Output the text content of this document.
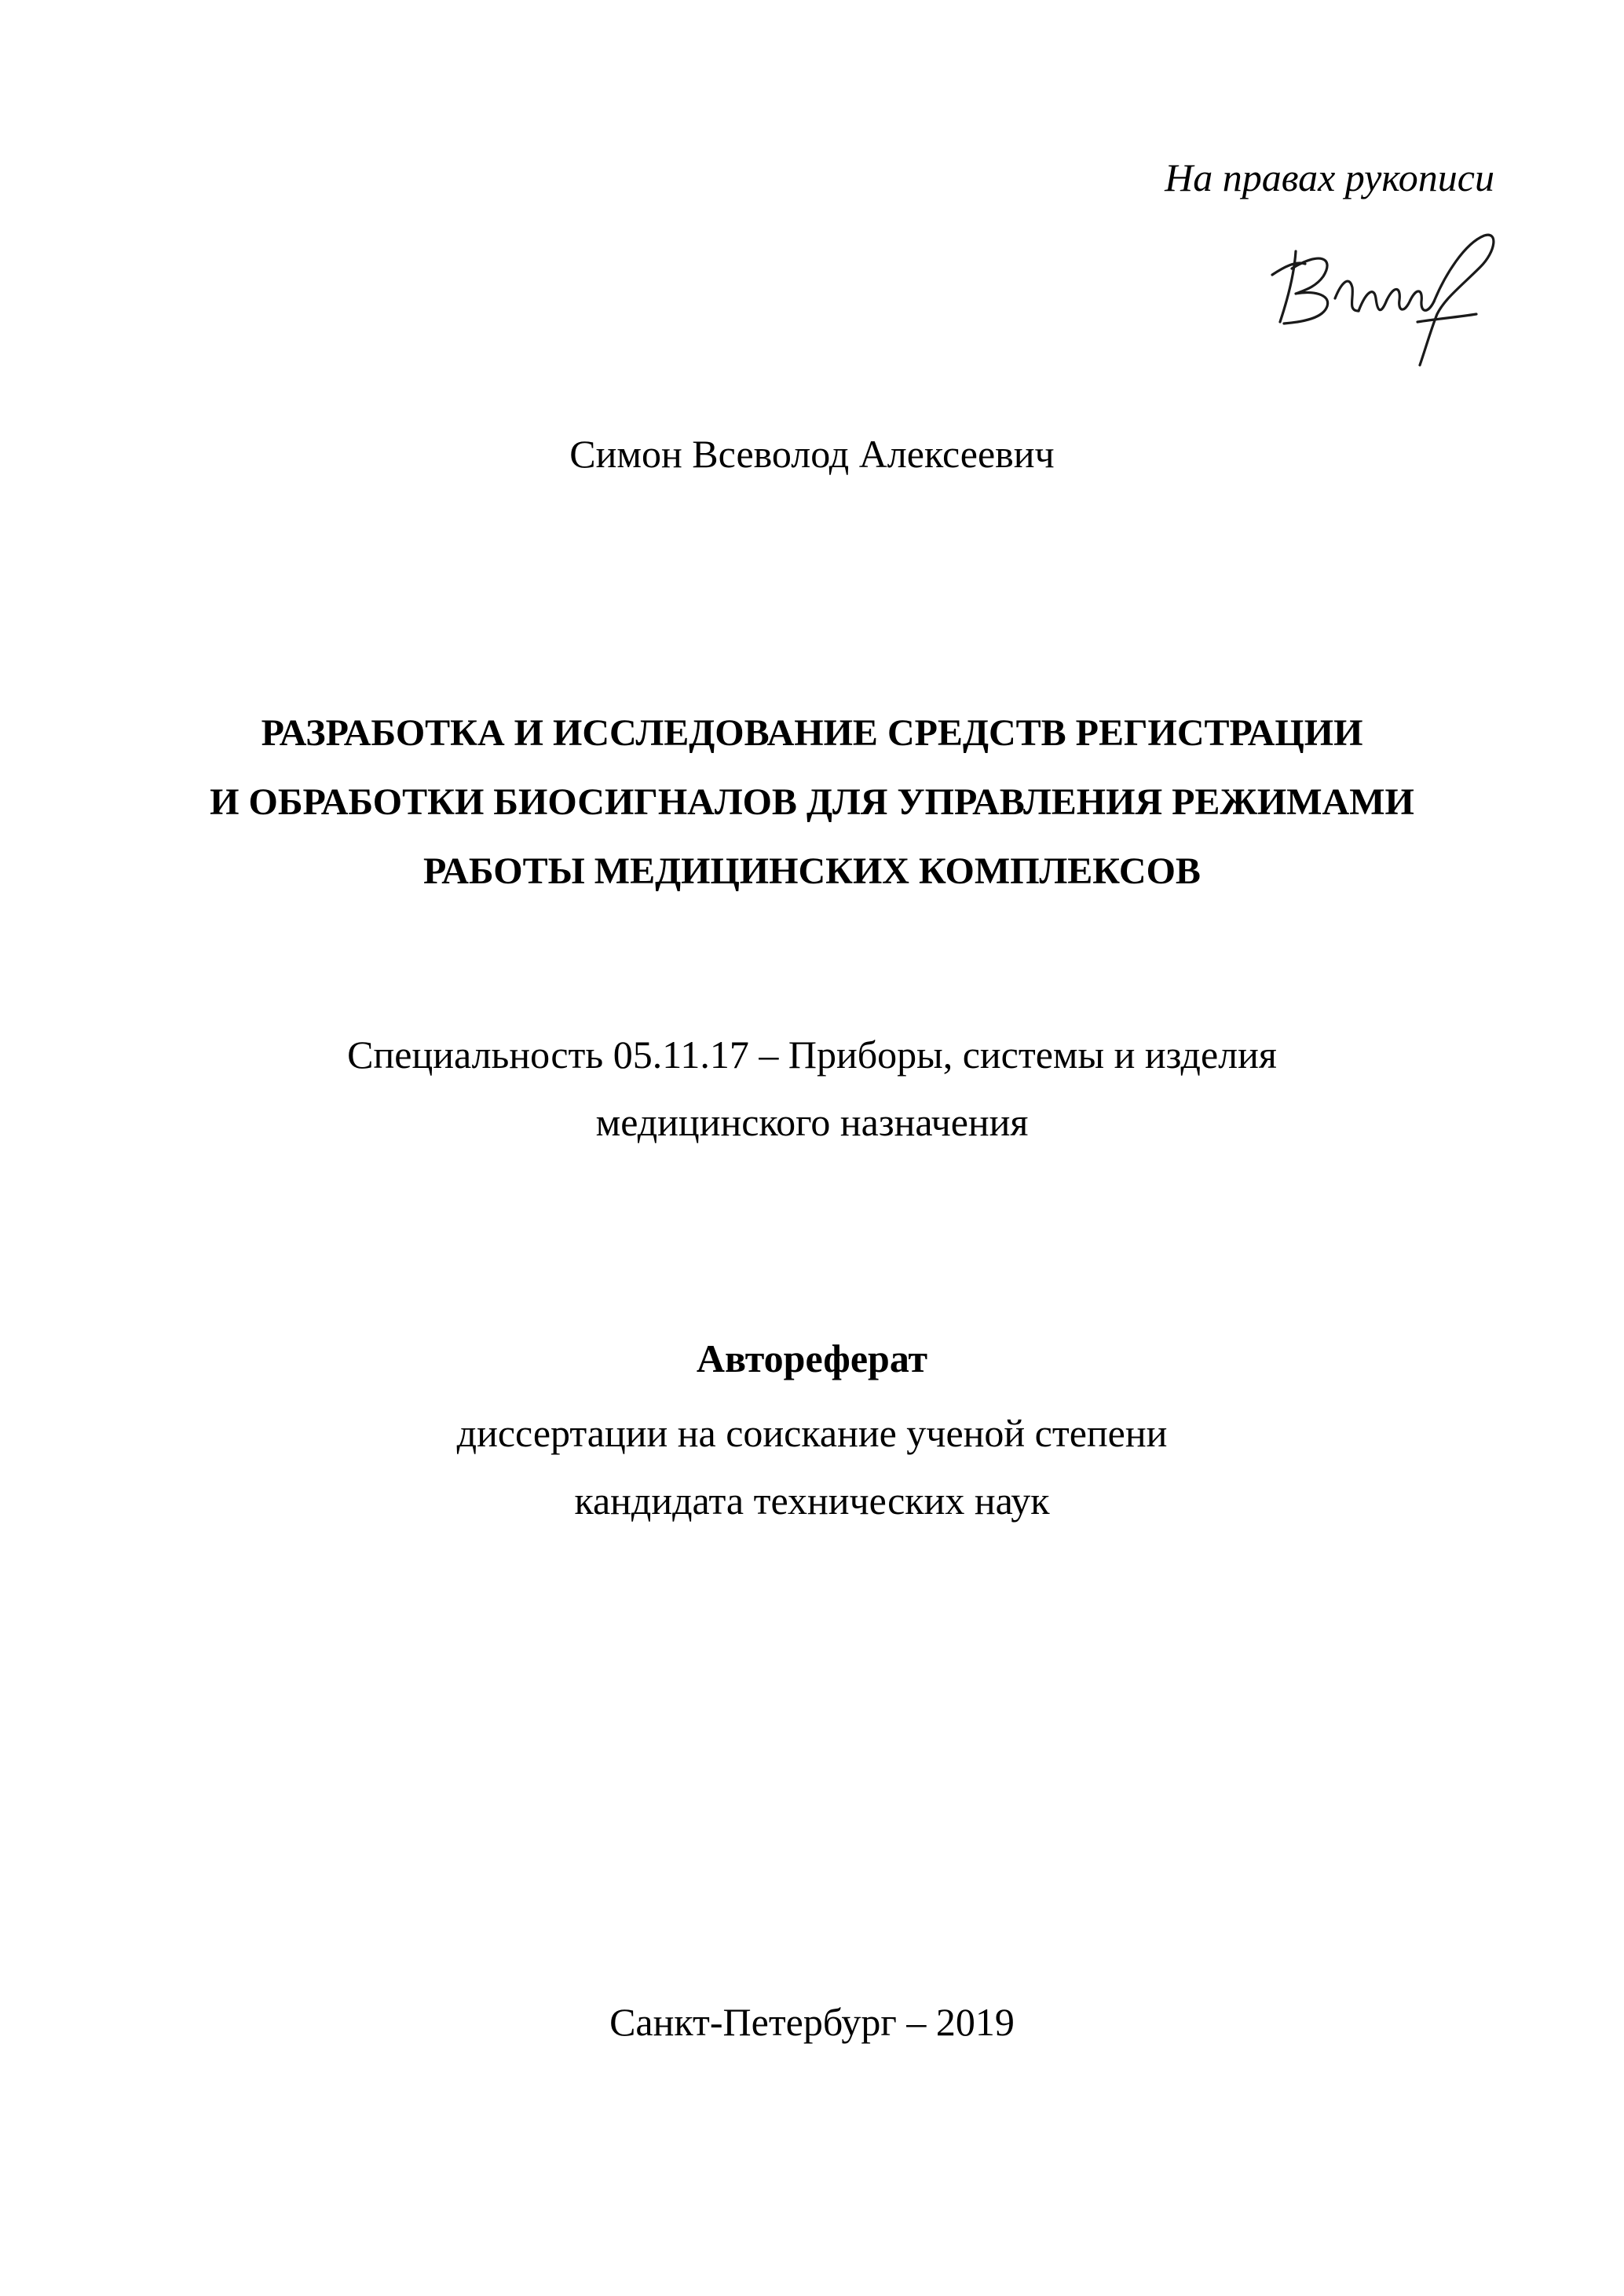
На правах рукописи
Симон Всеволод Алексеевич
РАЗРАБОТКА И ИССЛЕДОВАНИЕ СРЕДСТВ РЕГИСТРАЦИИ
И ОБРАБОТКИ БИОСИГНАЛОВ ДЛЯ УПРАВЛЕНИЯ РЕЖИМАМИ
РАБОТЫ МЕДИЦИНСКИХ КОМПЛЕКСОВ
Специальность 05.11.17 – Приборы, системы и изделия
медицинского назначения
Автореферат
диссертации на соискание ученой степени
кандидата технических наук
Санкт-Петербург – 2019
